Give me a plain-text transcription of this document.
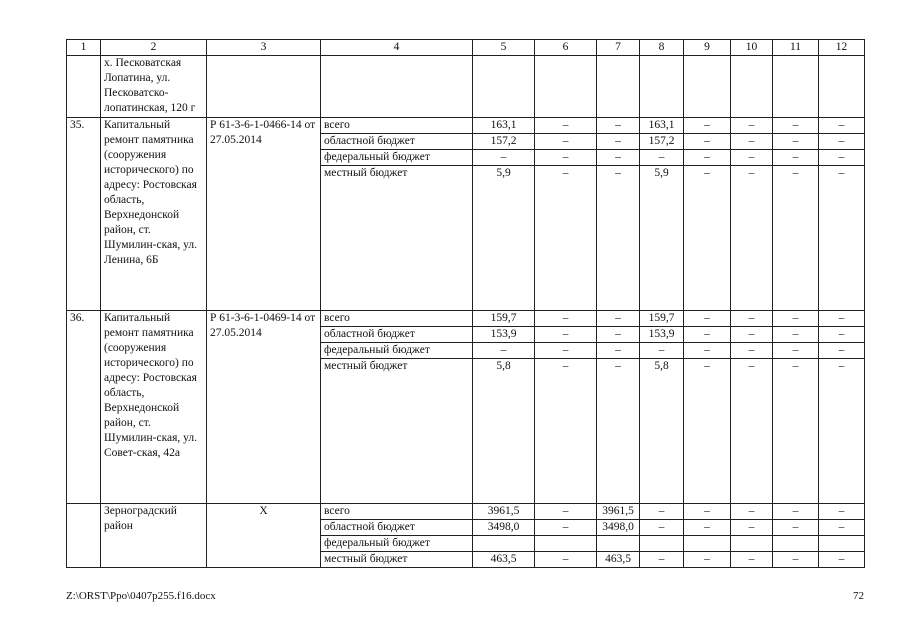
1	2	3	4	5	6	7	8	9	10	11	12
	х. Песковатская Лопатина, ул. Песковатско-лопатинская, 120 г										
35.	Капитальный ремонт памятника (сооружения исторического) по адресу: Ростовская область, Верхнедонской район, ст. Шумилин-ская, ул. Ленина, 6Б	Р 61-3-6-1-0466-14 от 27.05.2014	всего	163,1	–	–	163,1	–	–	–	–
			областной бюджет	157,2	–	–	157,2	–	–	–	–
			федеральный бюджет	–	–	–	–	–	–	–	–
			местный бюджет	5,9	–	–	5,9	–	–	–	–
36.	Капитальный ремонт памятника (сооружения исторического) по адресу: Ростовская область, Верхнедонской район, ст. Шумилин-ская, ул. Совет-ская, 42а	Р 61-3-6-1-0469-14 от 27.05.2014	всего	159,7	–	–	159,7	–	–	–	–
			областной бюджет	153,9	–	–	153,9	–	–	–	–
			федеральный бюджет	–	–	–	–	–	–	–	–
			местный бюджет	5,8	–	–	5,8	–	–	–	–
	Зерноградский район	Х	всего	3961,5	–	3961,5	–	–	–	–	–
			областной бюджет	3498,0	–	3498,0	–	–	–	–	–
			федеральный бюджет								
			местный бюджет	463,5	–	463,5	–	–	–	–	–
Z:\ORST\Ppo\0407p255.f16.docx	72
